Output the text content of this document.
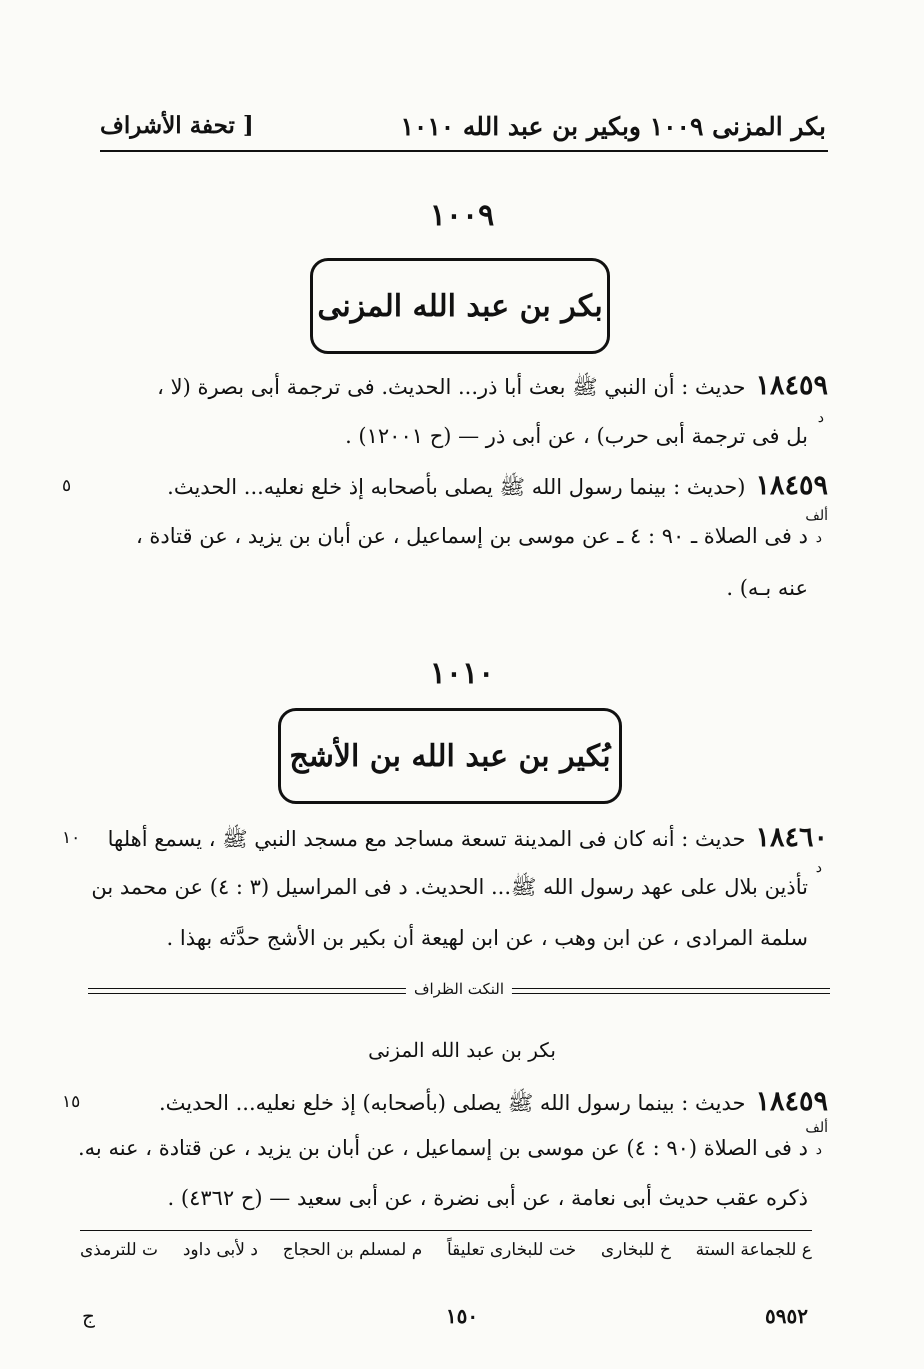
بكر المزنى ١٠٠٩ وبكير بن عبد الله ١٠١٠
[ تحفة الأشراف
١٠٠٩
بكر بن عبد الله المزنى
١٨٤٥٩حديث : أن النبي ﷺ بعث أبا ذر... الحديث. فى ترجمة أبى بصرة (لا ،
د
بل فى ترجمة أبى حرب) ، عن أبى ذر — (ح ١٢٠٠١) .
١٨٤٥٩(حديث : بينما رسول الله ﷺ يصلى بأصحابه إذ خلع نعليه... الحديث.
٥
ألف
د
د فى الصلاة ـ ٩٠ : ٤ ـ عن موسى بن إسماعيل ، عن أبان بن يزيد ، عن قتادة ،
عنه بـه) .
١٠١٠
بُكير بن عبد الله بن الأشج
١٨٤٦٠حديث : أنه كان فى المدينة تسعة مساجد مع مسجد النبي ﷺ ، يسمع أهلها
١٠
د
تأذين بلال على عهد رسول الله ﷺ... الحديث. د فى المراسيل (٣ : ٤) عن محمد بن
سلمة المرادى ، عن ابن وهب ، عن ابن لهيعة أن بكير بن الأشج حدَّثه بهذا .
النكت الظراف
بكر بن عبد الله المزنى
١٨٤٥٩حديث : بينما رسول الله ﷺ يصلى (بأصحابه) إذ خلع نعليه... الحديث.
١٥
ألف
د
د فى الصلاة (٩٠ : ٤) عن موسى بن إسماعيل ، عن أبان بن يزيد ، عن قتادة ، عنه به.
ذكره عقب حديث أبى نعامة ، عن أبى نضرة ، عن أبى سعيد — (ح ٤٣٦٢) .
ع للجماعة الستة
خ للبخارى
خت للبخارى تعليقاً
م لمسلم بن الحجاج
د لأبى داود
ت للترمذى
٥٩٥٢
١٥٠
ج
